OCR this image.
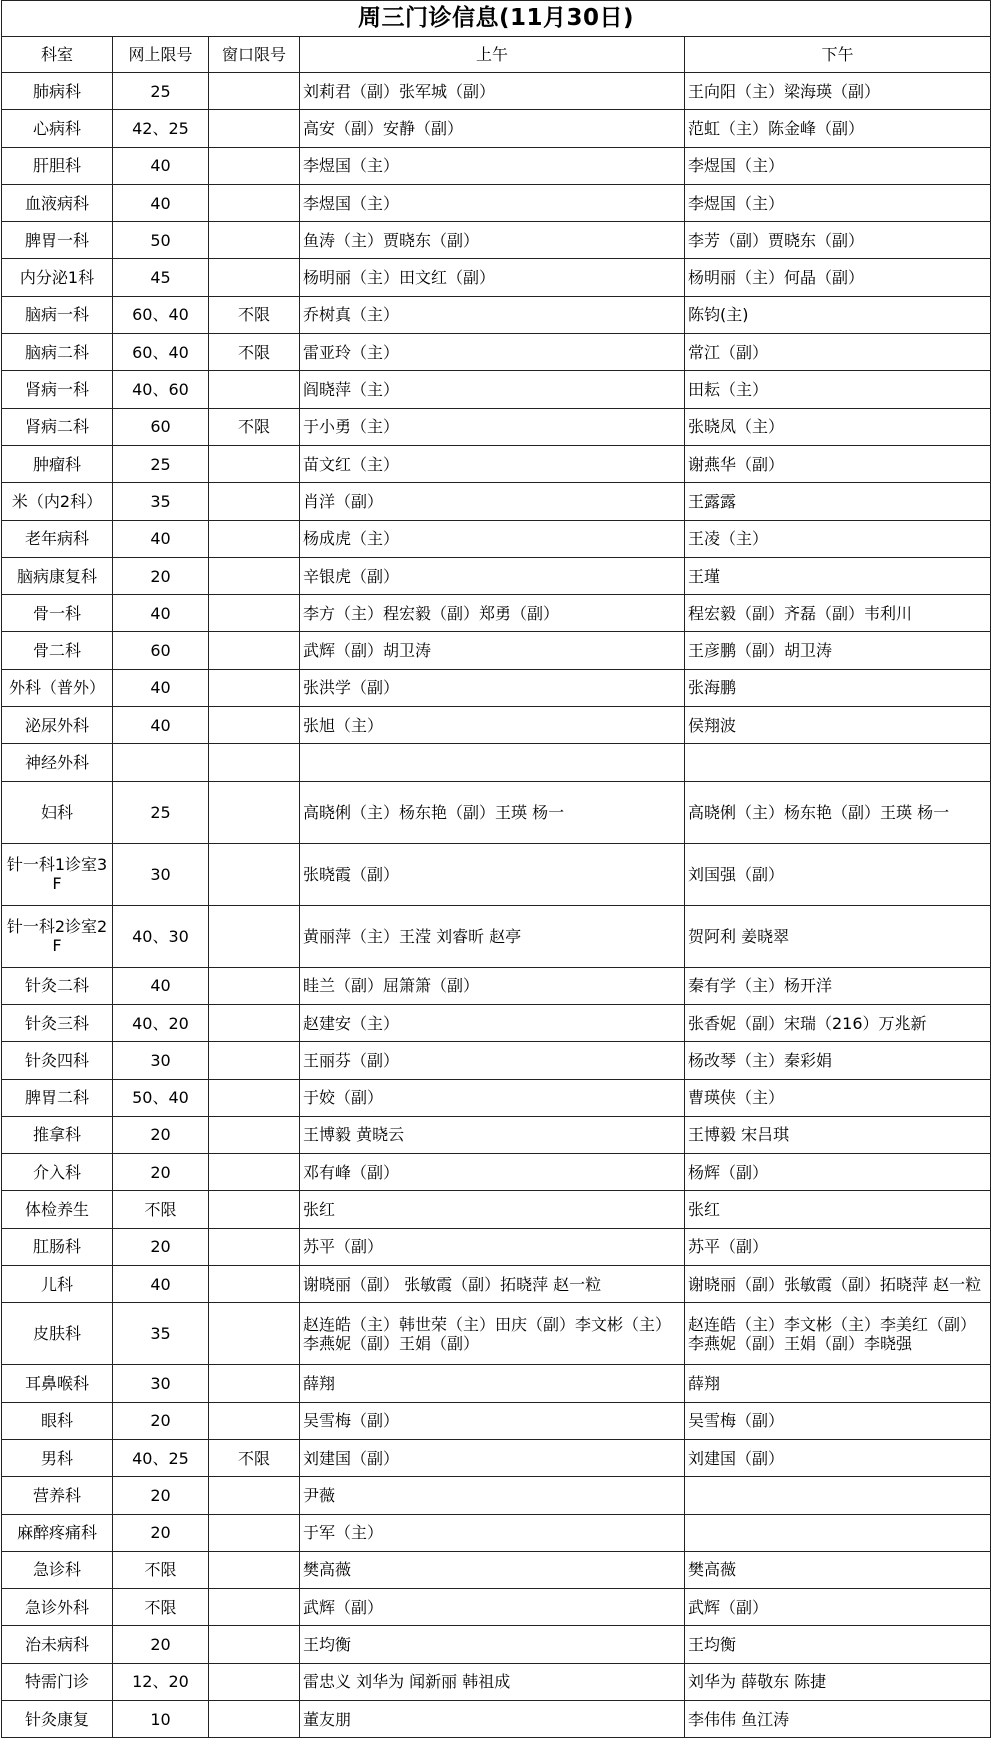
周三门诊信息(11月30日)				
科室	网上限号	窗口限号	上午	下午
肺病科	25		刘莉君（副）张军城（副）	王向阳（主）梁海瑛（副）
心病科	42、25		高安（副）安静（副）	范虹（主）陈金峰（副）
肝胆科	40		李煜国（主）	李煜国（主）
血液病科	40		李煜国（主）	李煜国（主）
脾胃一科	50		鱼涛（主）贾晓东（副）	李芳（副）贾晓东（副）
内分泌1科	45		杨明丽（主）田文红（副）	杨明丽（主）何晶（副）
脑病一科	60、40	不限	乔树真（主）	陈钧(主)
脑病二科	60、40	不限	雷亚玲（主）	常江（副）
肾病一科	40、60		阎晓萍（主）	田耘（主）
肾病二科	60	不限	于小勇（主）	张晓凤（主）
肿瘤科	25		苗文红（主）	谢燕华（副）
米（内2科）	35		肖洋（副）	王露露
老年病科	40		杨成虎（主）	王凌（主）
脑病康复科	20		辛银虎（副）	王瑾
骨一科	40		李方（主）程宏毅（副）郑勇（副）	程宏毅（副）齐磊（副）韦利川
骨二科	60		武辉（副）胡卫涛	王彦鹏（副）胡卫涛
外科（普外）	40		张洪学（副）	张海鹏
泌尿外科	40		张旭（主）	侯翔波
神经外科				
妇科	25		高晓俐（主）杨东艳（副）王瑛 杨一	高晓俐（主）杨东艳（副）王瑛 杨一
针一科1诊室3F	30		张晓霞（副）	刘国强（副）
针一科2诊室2F	40、30		黄丽萍（主）王滢 刘睿昕 赵亭	贺阿利 姜晓翠
针灸二科	40		眭兰（副）屈箫箫（副）	秦有学（主）杨开洋
针灸三科	40、20		赵建安（主）	张香妮（副）宋瑞（216）万兆新
针灸四科	30		王丽芬（副）	杨改琴（主）秦彩娟
脾胃二科	50、40		于姣（副）	曹瑛侠（主）
推拿科	20		王博毅 黄晓云	王博毅 宋吕琪
介入科	20		邓有峰（副）	杨辉（副）
体检养生	不限		张红	张红
肛肠科	20		苏平（副）	苏平（副）
儿科	40		谢晓丽（副） 张敏霞（副）拓晓萍 赵一粒	谢晓丽（副）张敏霞（副）拓晓萍 赵一粒
皮肤科	35		赵连皓（主）韩世荣（主）田庆（副）李文彬（主）李燕妮（副）王娟（副）	赵连皓（主）李文彬（主）李美红（副）李燕妮（副）王娟（副）李晓强
耳鼻喉科	30		薛翔	薛翔
眼科	20		吴雪梅（副）	吴雪梅（副）
男科	40、25	不限	刘建国（副）	刘建国（副）
营养科	20		尹薇	
麻醉疼痛科	20		于军（主）	
急诊科	不限		樊高薇	樊高薇
急诊外科	不限		武辉（副）	武辉（副）
治未病科	20		王均衡	王均衡
特需门诊	12、20		雷忠义 刘华为 闻新丽 韩祖成	刘华为 薛敬东 陈捷
针灸康复	10		董友朋	李伟伟 鱼江涛
